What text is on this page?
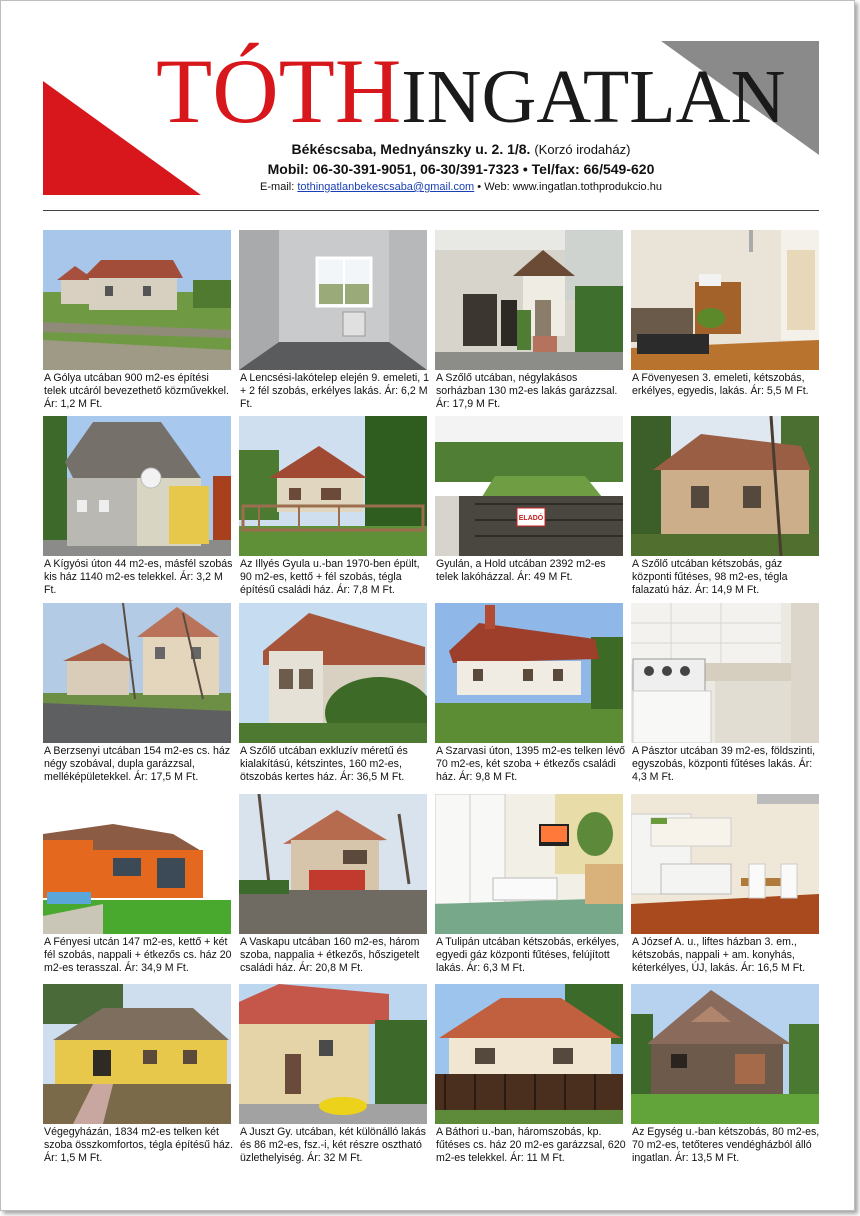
TÓTHINGATLAN
Békéscsaba, Mednyánszky u. 2. 1/8. (Korzó irodaház)
Mobil: 06-30-391-9051, 06-30/391-7323 • Tel/fax: 66/549-620
E-mail: tothingatlanbekescsaba@gmail.com • Web: www.ingatlan.tothprodukcio.hu
A Gólya utcában 900 m2-es építési telek utcáról bevezethető közművekkel. Ár: 1,2 M Ft.
A Lencsési-lakótelep elején 9. emeleti, 1 + 2 fél szobás, erkélyes lakás. Ár: 6,2 M Ft.
A Szőlő utcában, négylakásos sorházban 130 m2-es lakás garázzsal. Ár: 17,9 M Ft.
A Fövenyesen 3. emeleti, kétszobás, erkélyes, egyedis, lakás. Ár: 5,5 M Ft.
A Kígyósi úton 44 m2-es, másfél szobás kis ház 1140 m2-es telekkel. Ár: 3,2 M Ft.
Az Illyés Gyula u.-ban 1970-ben épült, 90 m2-es, kettő + fél szobás, tégla építésű családi ház. Ár: 7,8 M Ft.
ELADÓ
Gyulán, a Hold utcában 2392 m2-es telek lakóházzal. Ár: 49 M Ft.
A Szőlő utcában kétszobás, gáz központi fűtéses, 98 m2-es, tégla falazatú ház. Ár: 14,9 M Ft.
A Berzsenyi utcában 154 m2-es cs. ház négy szobával, dupla garázzsal, melléképületekkel. Ár: 17,5 M Ft.
A Szőlő utcában exkluzív méretű és kialakítású, kétszintes, 160 m2-es, ötszobás kertes ház. Ár: 36,5 M Ft.
A Szarvasi úton, 1395 m2-es telken lévő 70 m2-es, két szoba + étkezős családi ház. Ár: 9,8 M Ft.
A Pásztor utcában 39 m2-es, földszinti, egyszobás, központi fűtéses lakás. Ár: 4,3 M Ft.
A Fényesi utcán 147 m2-es, kettő + két fél szobás, nappali + étkezős cs. ház 20 m2-es terasszal. Ár: 34,9 M Ft.
A Vaskapu utcában 160 m2-es, három szoba, nappalia + étkezős, hőszigetelt családi ház. Ár: 20,8 M Ft.
A Tulipán utcában kétszobás, erkélyes, egyedi gáz központi fűtéses, felújított lakás. Ár: 6,3 M Ft.
A József A. u., liftes házban 3. em., kétszobás, nappali + am. konyhás, kéterkélyes, ÚJ, lakás. Ár: 16,5 M Ft.
Végegyházán, 1834 m2-es telken két szoba összkomfortos, tégla építésű ház. Ár: 1,5 M Ft.
A Juszt Gy. utcában, két különálló lakás és 86 m2-es, fsz.-i, két részre osztható üzlethelyiség. Ár: 32 M Ft.
A Báthori u.-ban, háromszobás, kp. fűtéses cs. ház 20 m2-es garázzsal, 620 m2-es telekkel. Ár: 11 M Ft.
Az Egység u.-ban kétszobás, 80 m2-es, 70 m2-es, tetőteres vendégházból álló ingatlan. Ár: 13,5 M Ft.
